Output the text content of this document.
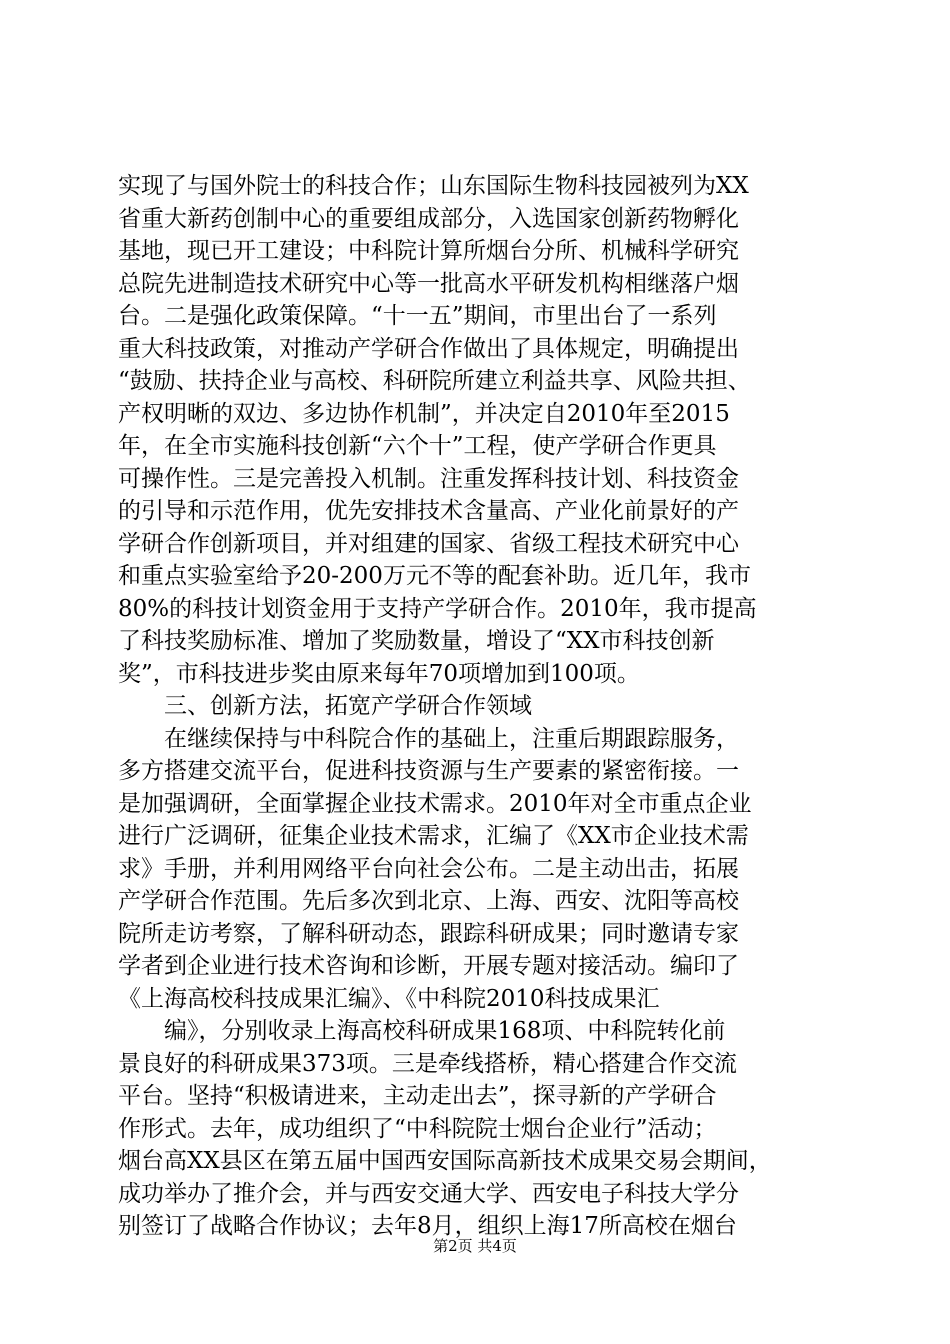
实现了与国外院士的科技合作；山东国际生物科技园被列为XX
省重大新药创制中心的重要组成部分，入选国家创新药物孵化
基地，现已开工建设；中科院计算所烟台分所、机械科学研究
总院先进制造技术研究中心等一批高水平研发机构相继落户烟
台。二是强化政策保障。“十一五”期间，市里出台了一系列
重大科技政策，对推动产学研合作做出了具体规定，明确提出
“鼓励、扶持企业与高校、科研院所建立利益共享、风险共担、
产权明晰的双边、多边协作机制”，并决定自2010年至2015
年，在全市实施科技创新“六个十”工程，使产学研合作更具
可操作性。三是完善投入机制。注重发挥科技计划、科技资金
的引导和示范作用，优先安排技术含量高、产业化前景好的产
学研合作创新项目，并对组建的国家、省级工程技术研究中心
和重点实验室给予20-200万元不等的配套补助。近几年，我市
80%的科技计划资金用于支持产学研合作。2010年，我市提高
了科技奖励标准、增加了奖励数量，增设了“XX市科技创新
奖”，市科技进步奖由原来每年70项增加到100项。
三、创新方法，拓宽产学研合作领域
在继续保持与中科院合作的基础上，注重后期跟踪服务，
多方搭建交流平台，促进科技资源与生产要素的紧密衔接。一
是加强调研，全面掌握企业技术需求。2010年对全市重点企业
进行广泛调研，征集企业技术需求，汇编了《XX市企业技术需
求》手册，并利用网络平台向社会公布。二是主动出击，拓展
产学研合作范围。先后多次到北京、上海、西安、沈阳等高校
院所走访考察，了解科研动态，跟踪科研成果；同时邀请专家
学者到企业进行技术咨询和诊断，开展专题对接活动。编印了
《上海高校科技成果汇编》、《中科院2010科技成果汇
编》，分别收录上海高校科研成果168项、中科院转化前
景良好的科研成果373项。三是牵线搭桥，精心搭建合作交流
平台。坚持“积极请进来，主动走出去”，探寻新的产学研合
作形式。去年，成功组织了“中科院院士烟台企业行”活动；
烟台高XX县区在第五届中国西安国际高新技术成果交易会期间，
成功举办了推介会，并与西安交通大学、西安电子科技大学分
别签订了战略合作协议；去年8月，组织上海17所高校在烟台
第2页 共4页
